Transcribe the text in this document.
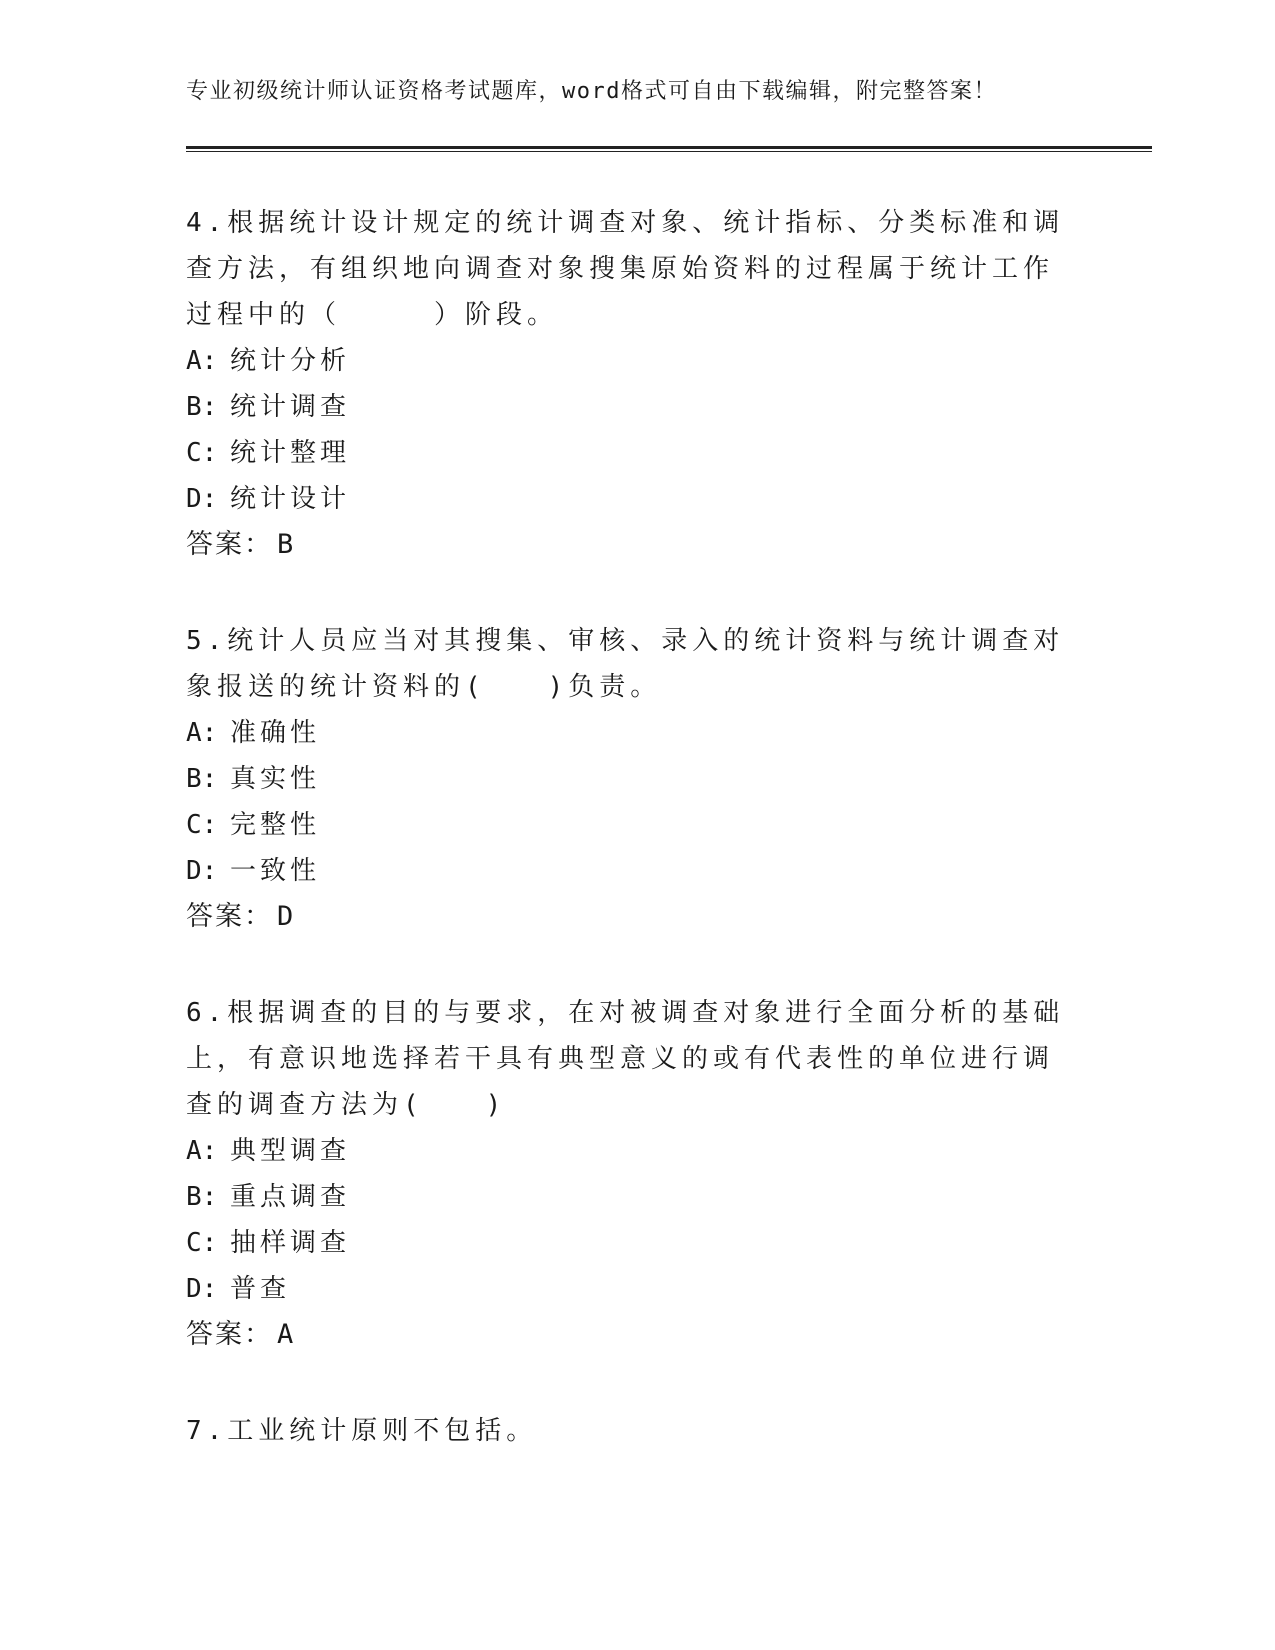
专业初级统计师认证资格考试题库，word格式可自由下载编辑，附完整答案！

4.根据统计设计规定的统计调查对象、统计指标、分类标准和调查方法，有组织地向调查对象搜集原始资料的过程属于统计工作过程中的（　　　）阶段。

A: 统计分析

B: 统计调查

C: 统计整理

D: 统计设计

答案： B

5.统计人员应当对其搜集、审核、录入的统计资料与统计调查对象报送的统计资料的(　　)负责。

A: 准确性

B: 真实性

C: 完整性

D: 一致性

答案： D

6.根据调查的目的与要求，在对被调查对象进行全面分析的基础上，有意识地选择若干具有典型意义的或有代表性的单位进行调查的调查方法为(　　)

A: 典型调查

B: 重点调查

C: 抽样调查

D: 普查

答案： A

7.工业统计原则不包括。
